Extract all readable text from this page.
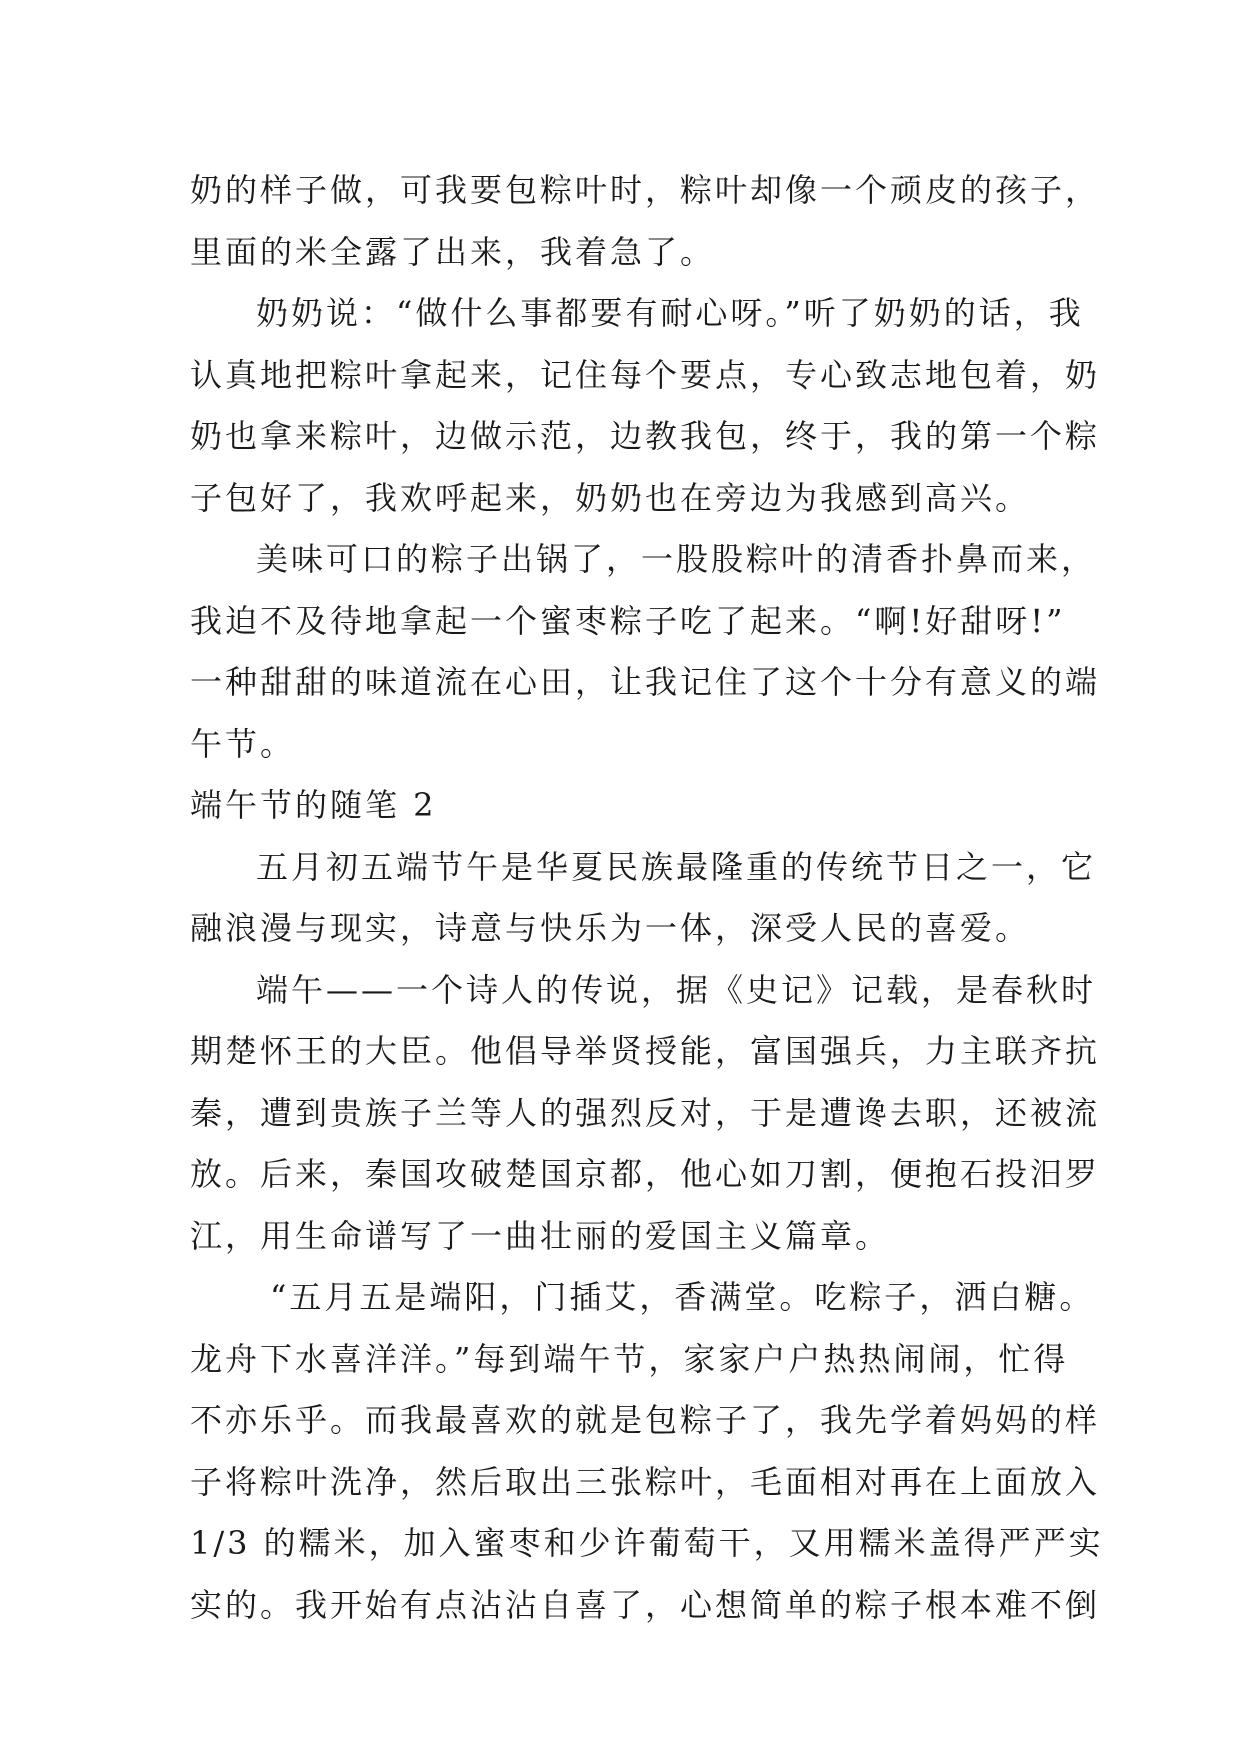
奶的样子做，可我要包粽叶时，粽叶却像一个顽皮的孩子，
里面的米全露了出来，我着急了。
奶奶说：“做什么事都要有耐心呀。”听了奶奶的话，我
认真地把粽叶拿起来，记住每个要点，专心致志地包着，奶
奶也拿来粽叶，边做示范，边教我包，终于，我的第一个粽
子包好了，我欢呼起来，奶奶也在旁边为我感到高兴。
美味可口的粽子出锅了，一股股粽叶的清香扑鼻而来，
我迫不及待地拿起一个蜜枣粽子吃了起来。“啊!好甜呀!”
一种甜甜的味道流在心田，让我记住了这个十分有意义的端
午节。
端午节的随笔 2
五月初五端节午是华夏民族最隆重的传统节日之一，它
融浪漫与现实，诗意与快乐为一体，深受人民的喜爱。
端午——一个诗人的传说，据《史记》记载，是春秋时
期楚怀王的大臣。他倡导举贤授能，富国强兵，力主联齐抗
秦，遭到贵族子兰等人的强烈反对，于是遭谗去职，还被流
放。后来，秦国攻破楚国京都，他心如刀割，便抱石投汨罗
江，用生命谱写了一曲壮丽的爱国主义篇章。
“五月五是端阳，门插艾，香满堂。吃粽子，洒白糖。
龙舟下水喜洋洋。”每到端午节，家家户户热热闹闹，忙得
不亦乐乎。而我最喜欢的就是包粽子了，我先学着妈妈的样
子将粽叶洗净，然后取出三张粽叶，毛面相对再在上面放入
1/3 的糯米，加入蜜枣和少许葡萄干，又用糯米盖得严严实
实的。我开始有点沾沾自喜了，心想简单的粽子根本难不倒
